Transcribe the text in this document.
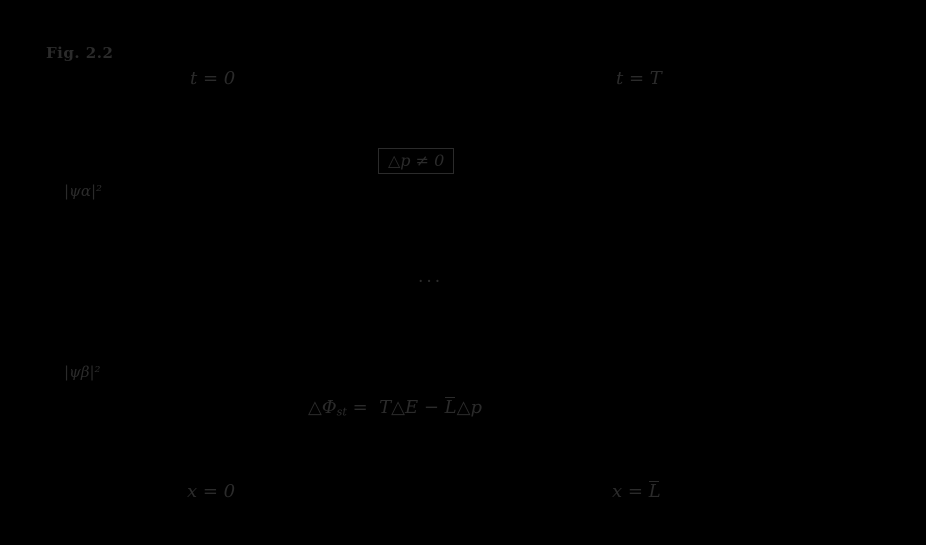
Fig. 2.2
t = 0	t = T
△p ≠ 0
|ψα|²
···
|ψβ|²
$\triangle\Phi_{st}$ = T△E − L△p
x = 0	x = L
